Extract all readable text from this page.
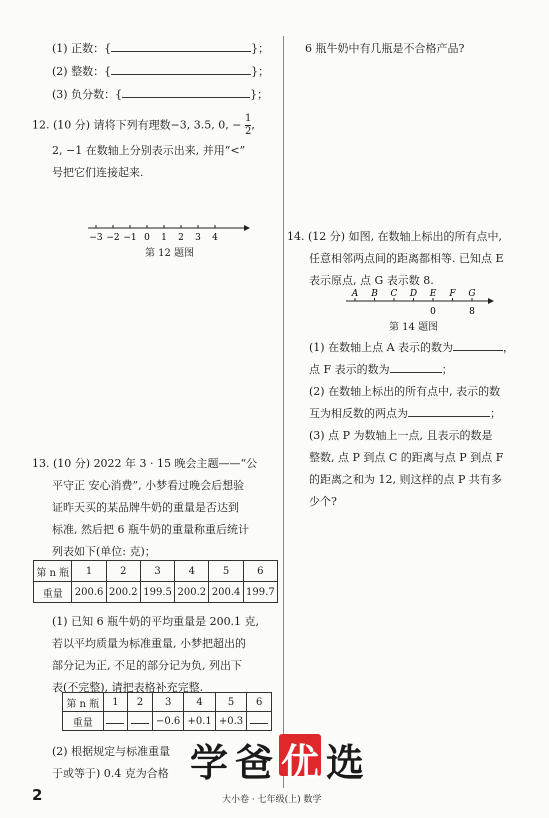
(1) 正数：{	}；
(2) 整数：{	}；
(3) 负分数：{	}；
12. (10 分) 请将下列有理数−3, 3.5, 0, − $\frac{1}{2}$ ,
2, −1 在数轴上分别表示出来, 并用“<”
号把它们连接起来.
−3 −2 −1 0 1 2 3 4
第 12 题图
13. (10 分) 2022 年 3 · 15 晚会主题——“公
平守正 安心消费”, 小梦看过晚会后想验
证昨天买的某品牌牛奶的重量是否达到
标准, 然后把 6 瓶牛奶的重量称重后统计
列表如下(单位: 克)；
第 n 瓶	1	2	3	4	5	6
重量	200.6	200.2	199.5	200.2	200.4	199.7
(1) 已知 6 瓶牛奶的平均重量是 200.1 克,
若以平均质量为标准重量, 小梦把超出的
部分记为正, 不足的部分记为负, 列出下
表(不完整), 请把表格补充完整.
第 n 瓶	1	2	3	4	5	6
重量			−0.6	+0.1	+0.3	
(2) 根据规定与标准重量
于或等于) 0.4 克为合格
6 瓶牛奶中有几瓶是不合格产品?
14. (12 分) 如图, 在数轴上标出的所有点中,
任意相邻两点间的距离都相等. 已知点 E
表示原点, 点 G 表示数 8.
A B C D E F G
0	8
第 14 题图
(1) 在数轴上点 A 表示的数为	，
点 F 表示的数为	；
(2) 在数轴上标出的所有点中, 表示的数
互为相反数的两点为	；
(3) 点 P 为数轴上一点, 且表示的数是
整数, 点 P 到点 C 的距离与点 P 到点 F
的距离之和为 12, 则这样的点 P 共有多
少个?
学 爸 优 选
2	大小卷 · 七年级(上) 数学
